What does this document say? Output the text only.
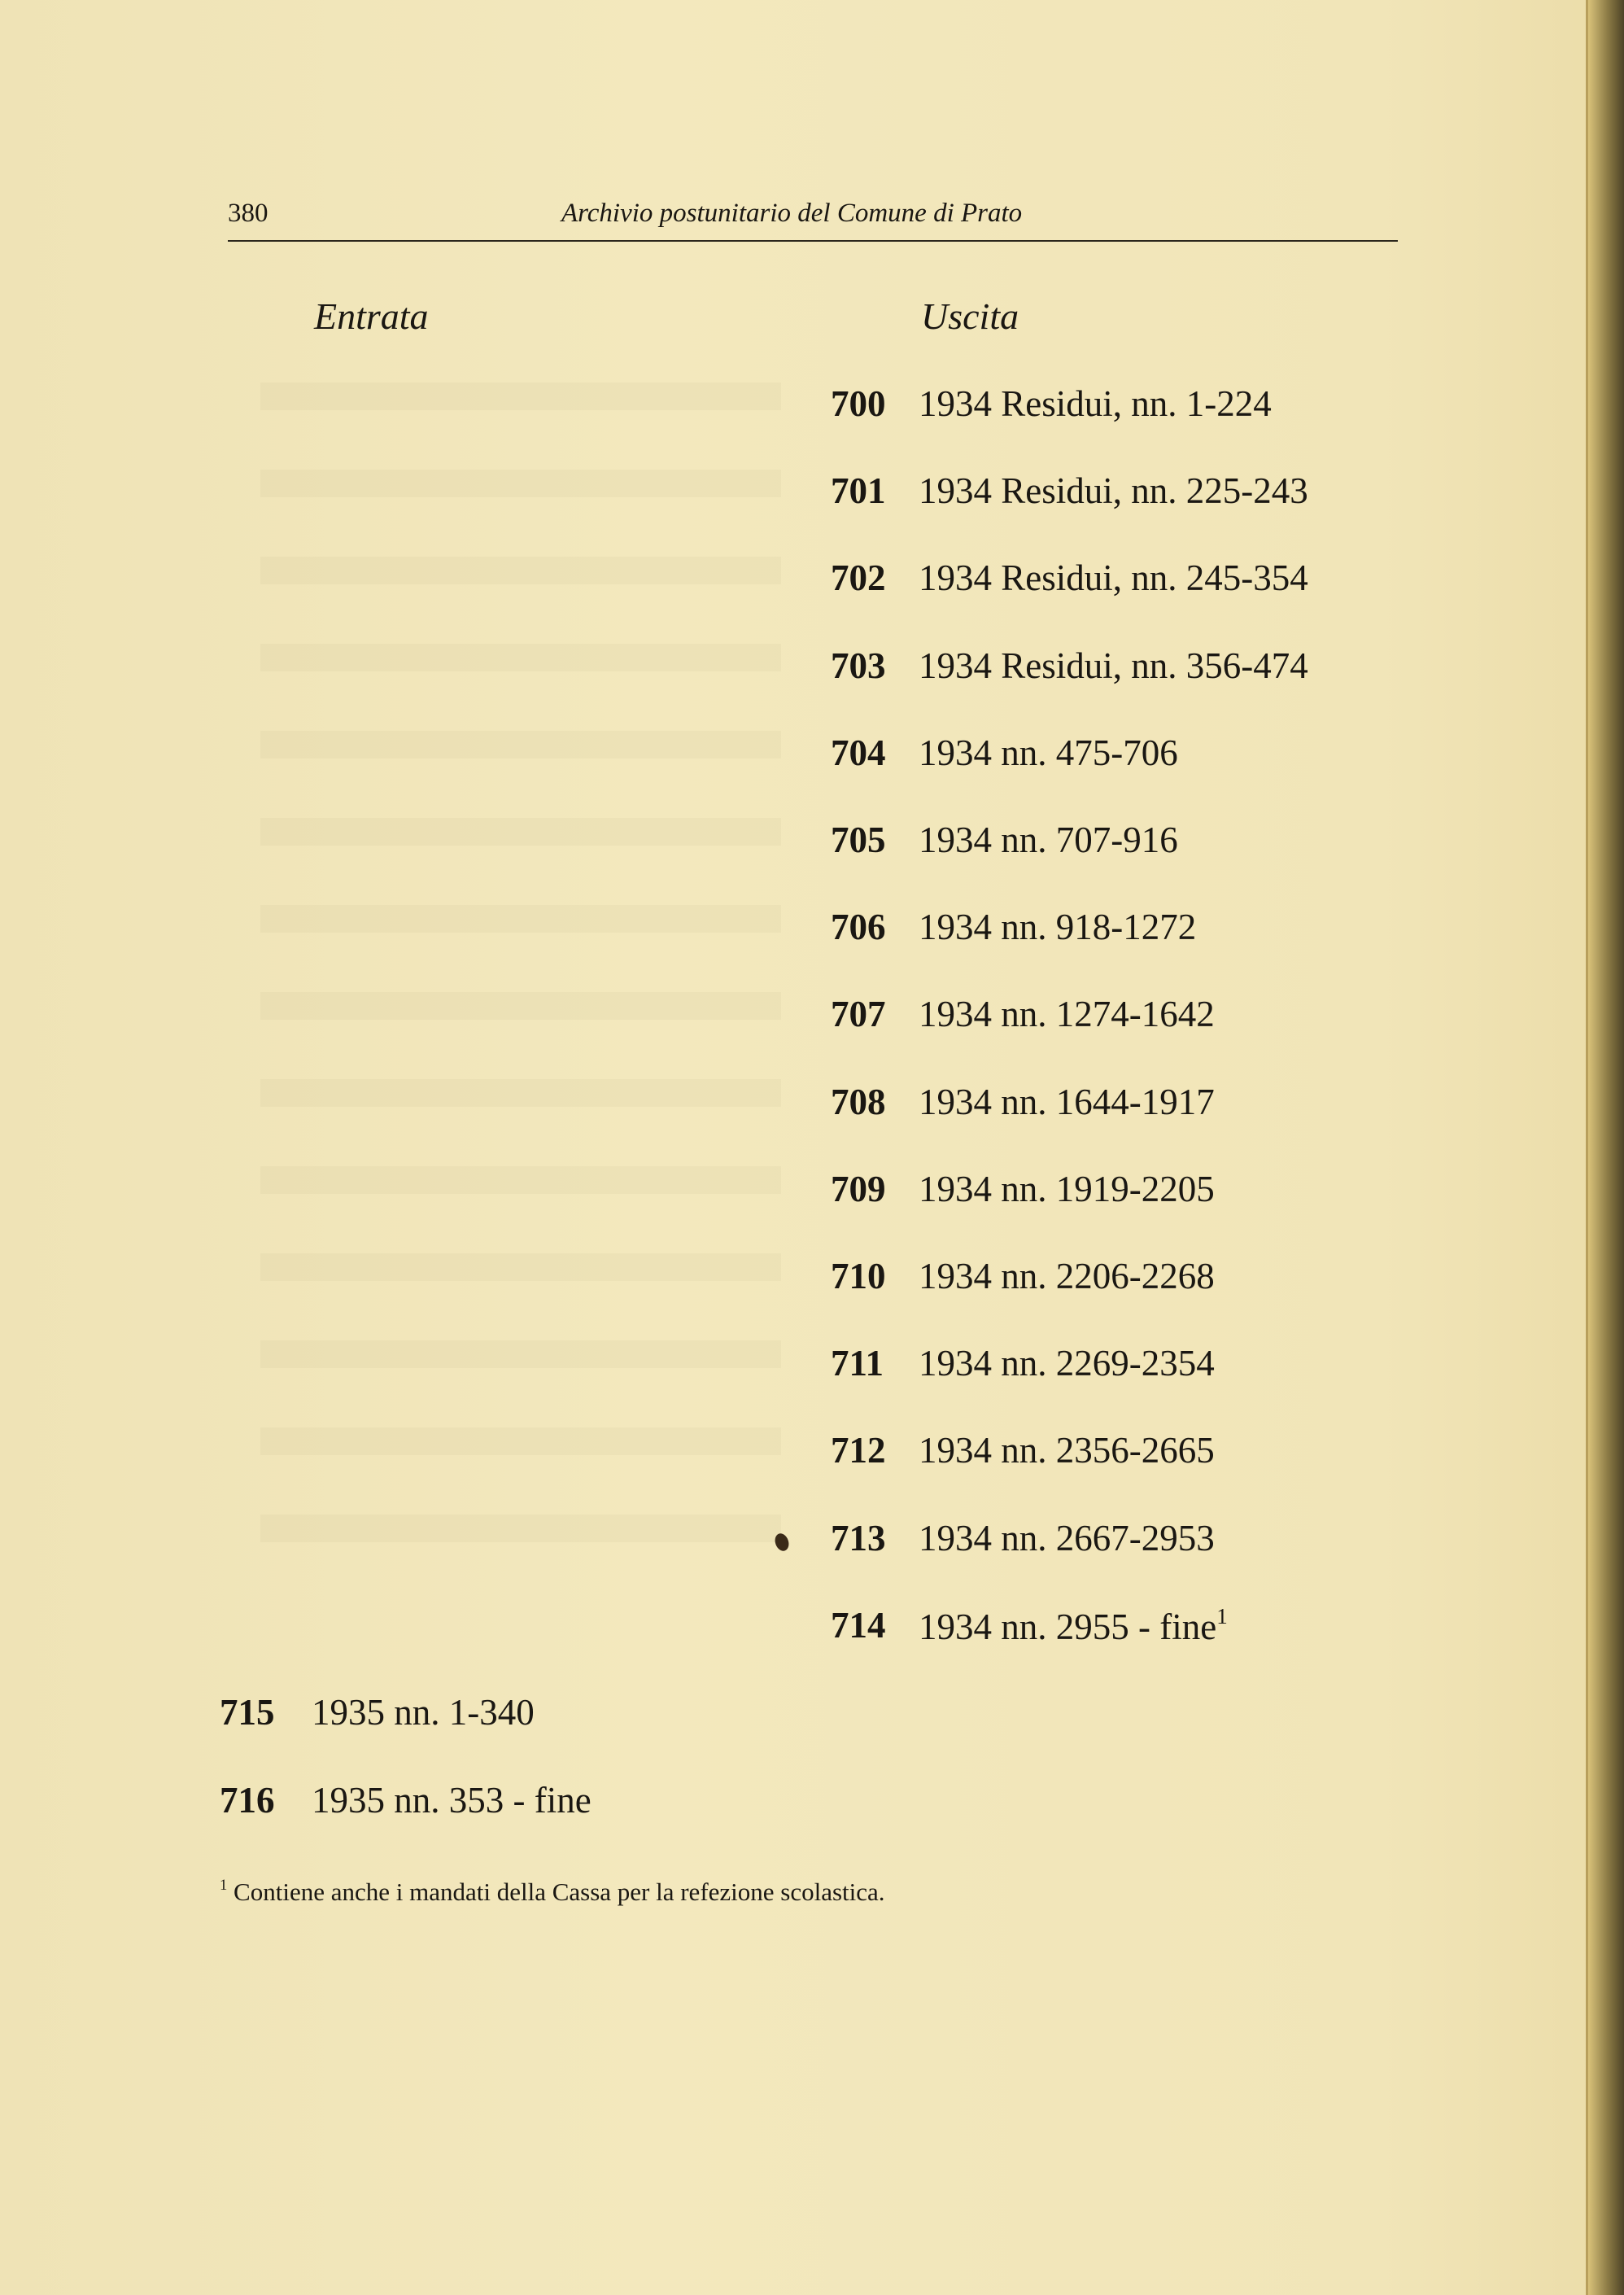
380	Archivio postunitario del Comune di Prato
Entrata	Uscita
700 1934 Residui, nn. 1-224
701 1934 Residui, nn. 225-243
702 1934 Residui, nn. 245-354
703 1934 Residui, nn. 356-474
704 1934 nn. 475-706
705 1934 nn. 707-916
706 1934 nn. 918-1272
707 1934 nn. 1274-1642
708 1934 nn. 1644-1917
709 1934 nn. 1919-2205
710 1934 nn. 2206-2268
711 1934 nn. 2269-2354
712 1934 nn. 2356-2665
713 1934 nn. 2667-2953
714 1934 nn. 2955 - fine$^1$
715 1935 nn. 1-340
716 1935 nn. 353 - fine
$^1$ Contiene anche i mandati della Cassa per la refezione scolastica.
